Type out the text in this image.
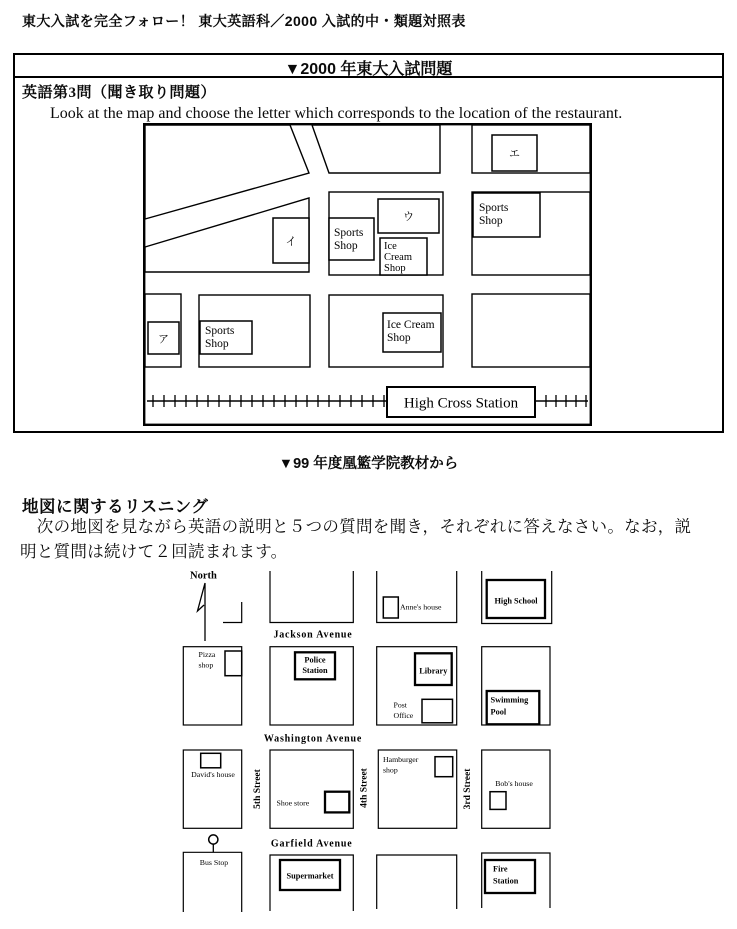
東大入試を完全フォロー！ 東大英語科／2000 入試的中・類題対照表
▼2000 年東大入試問題
英語第3問（聞き取り問題）
Look at the map and choose the letter which corresponds to the location of the restaurant.
High Cross Station
エ
ウ
イ
ア
Sports
Shop	Ice
Cream
Shop
Sports
Shop
Sports
Shop
Ice Cream
Shop
▼99 年度凰籃学院教材から
地図に関するリスニング
　次の地図を見ながら英語の説明と５つの質問を聞き，それぞれに答えなさい。なお，説
明と質問は続けて２回読まれます。
North
Anne's house
High School
Jackson Avenue
Pizza
shop
Police
Station	Library
Post
Office
Swimming
Pool
Washington Avenue
David's house 5th Street Shoe store	4th Street
Hamburger
shop	3rd Street	Bob's house
Garfield Avenue
Bus Stop
Supermarket
Fire
Station
